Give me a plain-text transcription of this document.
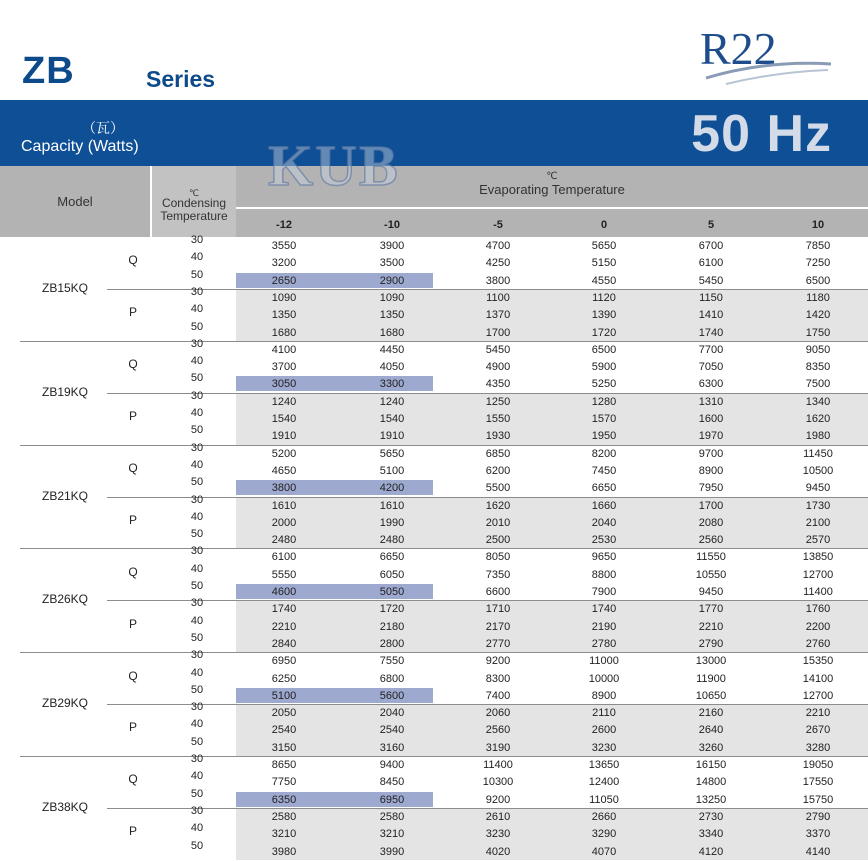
ZB	Series
R22
（瓦）
Capacity (Watts)	50 Hz
Model
℃
Condensing Temperature
℃
Evaporating Temperature
-12	-10	-5	0	5	10
KUB
ZB15KQ
Q
30	3550	3900	4700	5650	6700	7850
40	3200	3500	4250	5150	6100	7250
50	2650	2900	3800	4550	5450	6500
P
30	1090	1090	1100	1120	1150	1180
40	1350	1350	1370	1390	1410	1420
50	1680	1680	1700	1720	1740	1750
ZB19KQ
Q
30	4100	4450	5450	6500	7700	9050
40	3700	4050	4900	5900	7050	8350
50	3050	3300	4350	5250	6300	7500
P
30	1240	1240	1250	1280	1310	1340
40	1540	1540	1550	1570	1600	1620
50	1910	1910	1930	1950	1970	1980
ZB21KQ
Q
30	5200	5650	6850	8200	9700	11450
40	4650	5100	6200	7450	8900	10500
50	3800	4200	5500	6650	7950	9450
P
30	1610	1610	1620	1660	1700	1730
40	2000	1990	2010	2040	2080	2100
50	2480	2480	2500	2530	2560	2570
ZB26KQ
Q
30	6100	6650	8050	9650	11550	13850
40	5550	6050	7350	8800	10550	12700
50	4600	5050	6600	7900	9450	11400
P
30	1740	1720	1710	1740	1770	1760
40	2210	2180	2170	2190	2210	2200
50	2840	2800	2770	2780	2790	2760
ZB29KQ
Q
30	6950	7550	9200	11000	13000	15350
40	6250	6800	8300	10000	11900	14100
50	5100	5600	7400	8900	10650	12700
P
30	2050	2040	2060	2110	2160	2210
40	2540	2540	2560	2600	2640	2670
50	3150	3160	3190	3230	3260	3280
ZB38KQ
Q
30	8650	9400	11400	13650	16150	19050
40	7750	8450	10300	12400	14800	17550
50	6350	6950	9200	11050	13250	15750
P
30	2580	2580	2610	2660	2730	2790
40	3210	3210	3230	3290	3340	3370
50	3980	3990	4020	4070	4120	4140
